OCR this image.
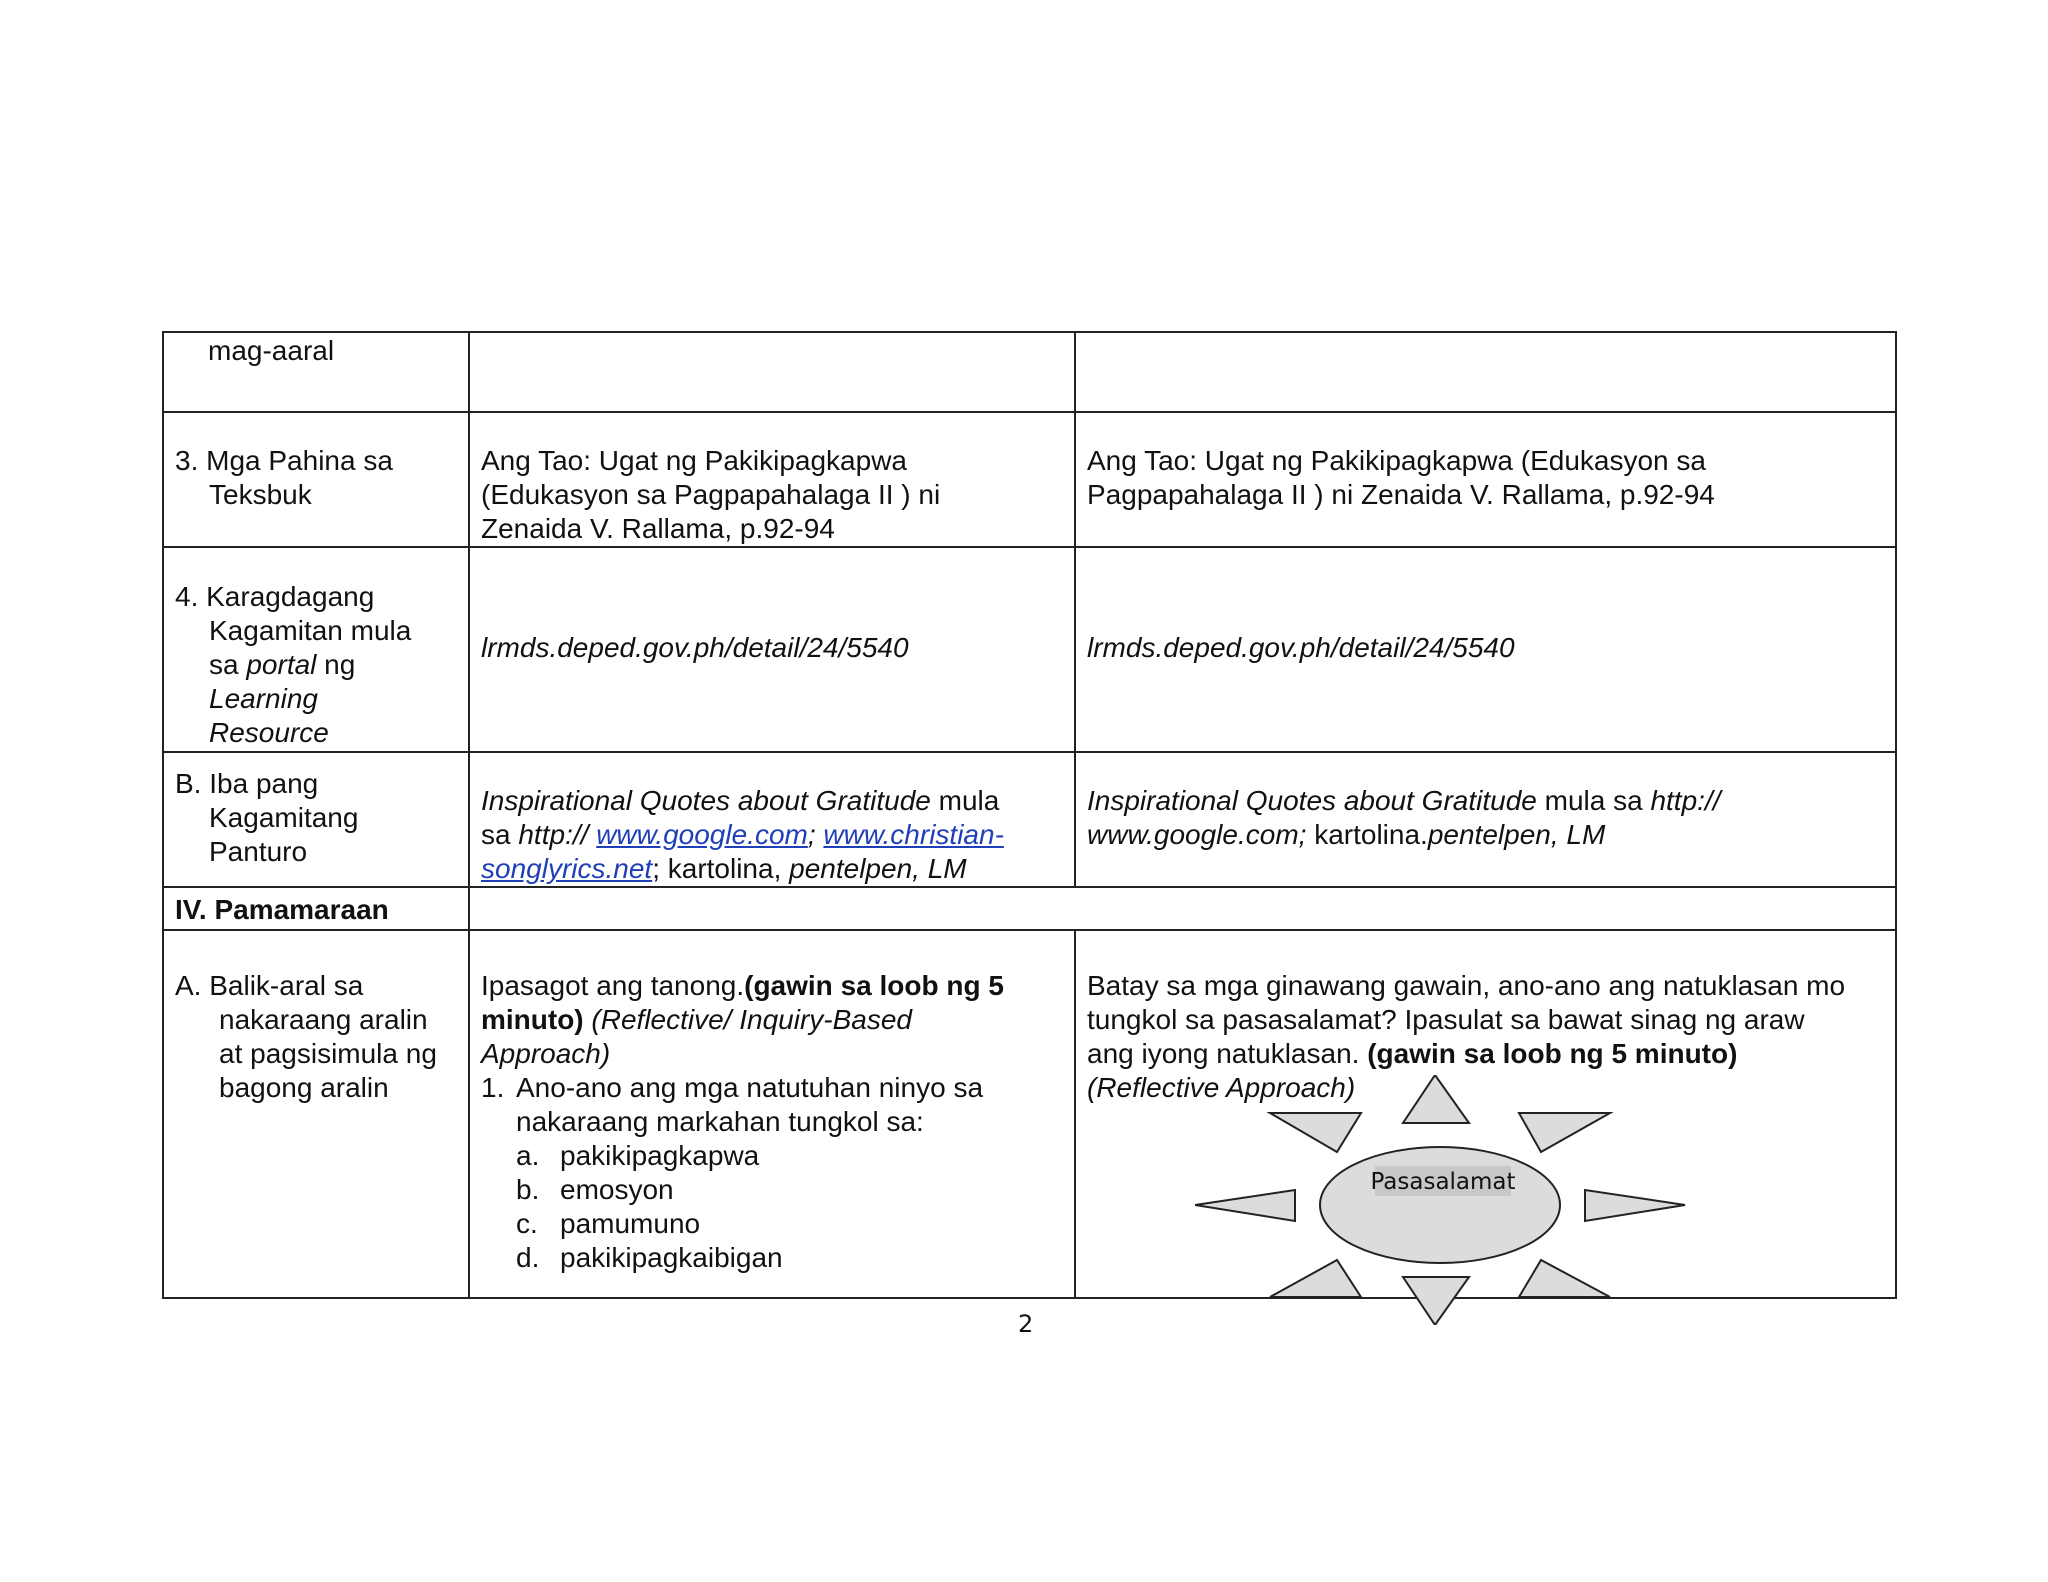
mag-aaral
3. Mga Pahina sa
Teksbuk
Ang Tao: Ugat ng Pakikipagkapwa
(Edukasyon sa Pagpapahalaga II ) ni
Zenaida V. Rallama, p.92-94
Ang Tao: Ugat ng Pakikipagkapwa (Edukasyon sa
Pagpapahalaga II ) ni Zenaida V. Rallama, p.92-94
4. Karagdagang
Kagamitan mula
sa portal ng
Learning
Resource
lrmds.deped.gov.ph/detail/24/5540	lrmds.deped.gov.ph/detail/24/5540
B. Iba pang
Kagamitang
Panturo
Inspirational Quotes about Gratitude mula
sa http:// www.google.com; www.christian-
songlyrics.net; kartolina, pentelpen, LM
Inspirational Quotes about Gratitude mula sa http://
www.google.com; kartolina.pentelpen, LM
IV. Pamamaraan
A. Balik-aral sa
nakaraang aralin
at pagsisimula ng
bagong aralin
Ipasagot ang tanong.(gawin sa loob ng 5
minuto) (Reflective/ Inquiry-Based
Approach)
1. Ano-ano ang mga natutuhan ninyo sa
nakaraang markahan tungkol sa:
a. pakikipagkapwa
b. emosyon
c. pamumuno
d. pakikipagkaibigan
Batay sa mga ginawang gawain, ano-ano ang natuklasan mo
tungkol sa pasasalamat? Ipasulat sa bawat sinag ng araw
ang iyong natuklasan. (gawin sa loob ng 5 minuto)
(Reflective Approach)
Pasasalamat
2
